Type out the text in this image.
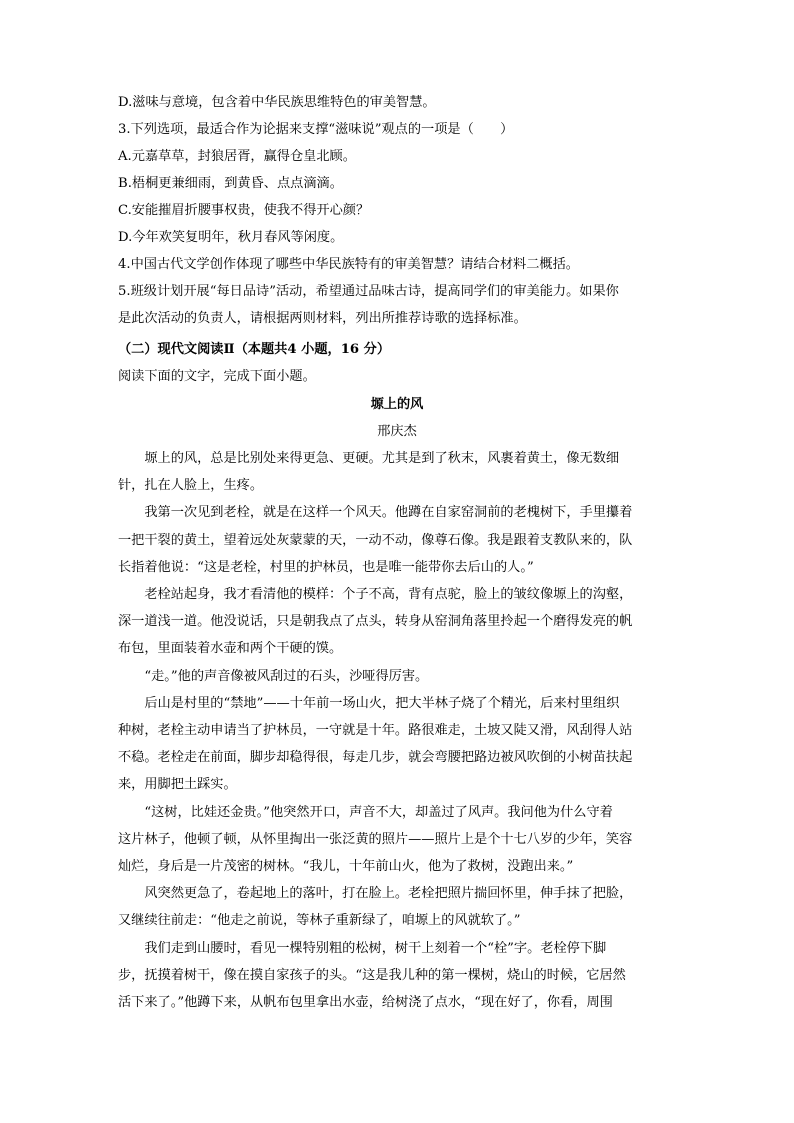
D.滋味与意境，包含着中华民族思维特色的审美智慧。
3.下列选项，最适合作为论据来支撑“滋味说”观点的一项是（　　）
A.元嘉草草，封狼居胥，赢得仓皇北顾。
B.梧桐更兼细雨，到黄昏、点点滴滴。
C.安能摧眉折腰事权贵，使我不得开心颜？
D.今年欢笑复明年，秋月春风等闲度。
4.中国古代文学创作体现了哪些中华民族特有的审美智慧？请结合材料二概括。
5.班级计划开展“每日品诗”活动，希望通过品味古诗，提高同学们的审美能力。如果你
是此次活动的负责人，请根据两则材料，列出所推荐诗歌的选择标准。
（二）现代文阅读Ⅱ（本题共4 小题，16 分）
阅读下面的文字，完成下面小题。
塬上的风
邢庆杰
　　塬上的风，总是比别处来得更急、更硬。尤其是到了秋末，风裹着黄土，像无数细
针，扎在人脸上，生疼。
　　我第一次见到老栓，就是在这样一个风天。他蹲在自家窑洞前的老槐树下，手里攥着
一把干裂的黄土，望着远处灰蒙蒙的天，一动不动，像尊石像。我是跟着支教队来的，队
长指着他说：“这是老栓，村里的护林员，也是唯一能带你去后山的人。”
　　老栓站起身，我才看清他的模样：个子不高，背有点驼，脸上的皱纹像塬上的沟壑，
深一道浅一道。他没说话，只是朝我点了点头，转身从窑洞角落里拎起一个磨得发亮的帆
布包，里面装着水壶和两个干硬的馍。
　　“走。”他的声音像被风刮过的石头，沙哑得厉害。
　　后山是村里的“禁地”——十年前一场山火，把大半林子烧了个精光，后来村里组织
种树，老栓主动申请当了护林员，一守就是十年。路很难走，土坡又陡又滑，风刮得人站
不稳。老栓走在前面，脚步却稳得很，每走几步，就会弯腰把路边被风吹倒的小树苗扶起
来，用脚把土踩实。
　　“这树，比娃还金贵。”他突然开口，声音不大，却盖过了风声。我问他为什么守着
这片林子，他顿了顿，从怀里掏出一张泛黄的照片——照片上是个十七八岁的少年，笑容
灿烂，身后是一片茂密的树林。“我儿，十年前山火，他为了救树，没跑出来。”
　　风突然更急了，卷起地上的落叶，打在脸上。老栓把照片揣回怀里，伸手抹了把脸，
又继续往前走：“他走之前说，等林子重新绿了，咱塬上的风就软了。”
　　我们走到山腰时，看见一棵特别粗的松树，树干上刻着一个“栓”字。老栓停下脚
步，抚摸着树干，像在摸自家孩子的头。“这是我儿种的第一棵树，烧山的时候，它居然
活下来了。”他蹲下来，从帆布包里拿出水壶，给树浇了点水，“现在好了，你看，周围
